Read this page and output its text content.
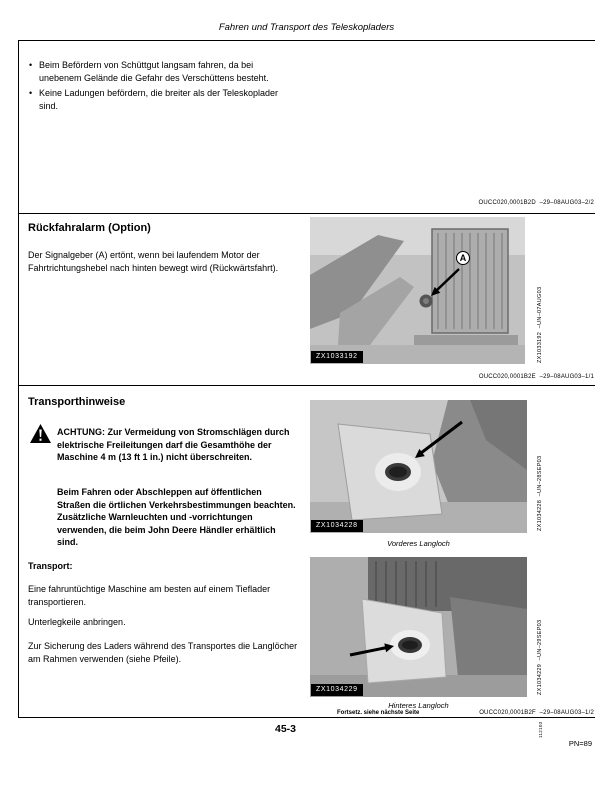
Fahren und Transport des Teleskopladers
• Beim Befördern von Schüttgut langsam fahren, da bei unebenem Gelände die Gefahr des Verschüttens besteht.
• Keine Ladungen befördern, die breiter als der Teleskoplader sind.
OUCC020,0001B2D  –29–08AUG03–2/2
Rückfahralarm (Option)
Der Signalgeber (A) ertönt, wenn bei laufendem Motor der Fahrtrichtungshebel nach hinten bewegt wird (Rückwärtsfahrt).
A
ZX1033192	ZX1033192  –UN–07AUG03
OUCC020,0001B2E  –29–08AUG03–1/1
Transporthinweise
ACHTUNG: Zur Vermeidung von Stromschlägen durch elektrische Freileitungen darf die Gesamthöhe der Maschine 4 m (13 ft 1 in.) nicht überschreiten.
Beim Fahren oder Abschleppen auf öffentlichen Straßen die örtlichen Verkehrsbestimmungen beachten. Zusätzliche Warnleuchten und -vorrichtungen verwenden, die beim John Deere Händler erhältlich sind.
Transport:
Eine fahruntüchtige Maschine am besten auf einem Tieflader transportieren.
Unterlegkeile anbringen.
Zur Sicherung des Laders während des Transportes die Langlöcher am Rahmen verwenden (siehe Pfeile).
ZX1034228
Vorderes Langloch
ZX1034228  –UN–28SEP03
ZX1034229
Hinteres Langloch
ZX1034229  –UN–29SEP03
Fortsetz. siehe nächste Seite	OUCC020,0001B2F  –29–08AUG03–1/2
45-3	112103
PN=89
